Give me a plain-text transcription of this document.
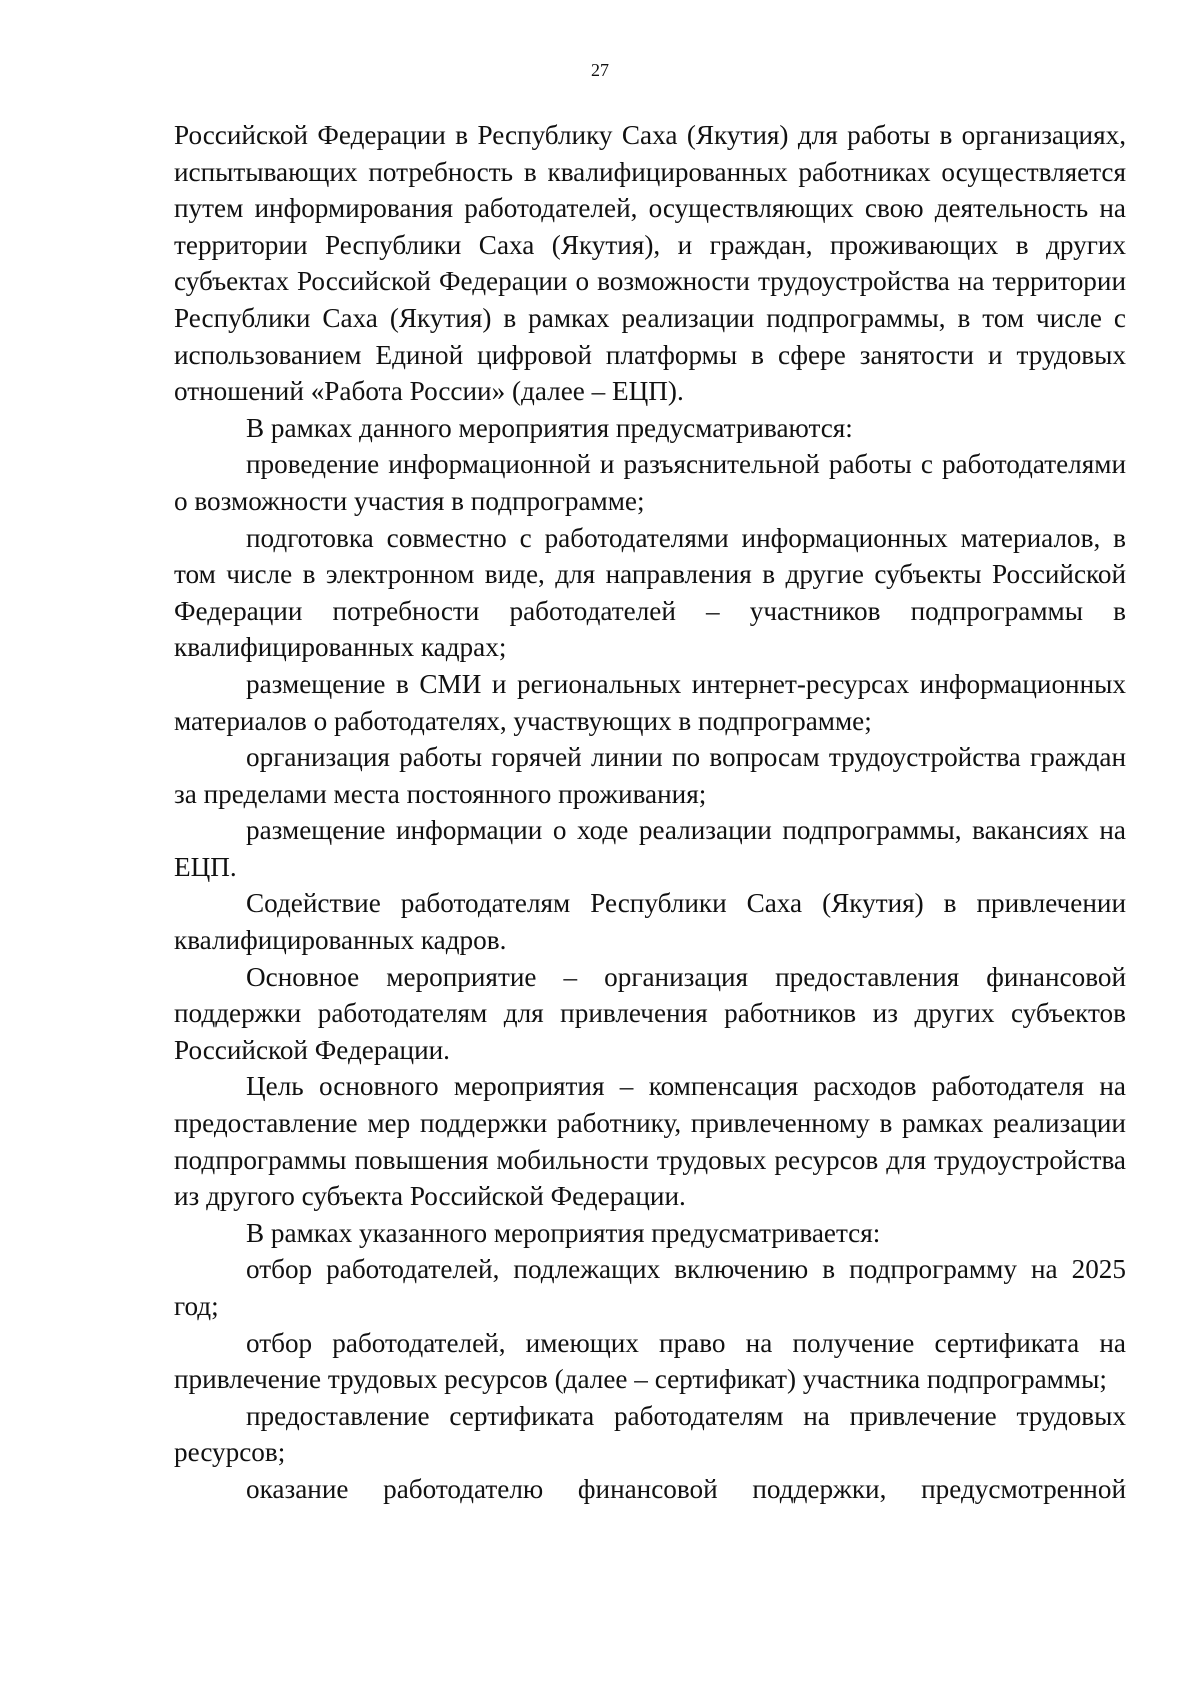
27

Российской Федерации в Республику Саха (Якутия) для работы в организациях, испытывающих потребность в квалифицированных работниках осуществляется путем информирования работодателей, осуществляющих свою деятельность на территории Республики Саха (Якутия), и граждан, проживающих в других субъектах Российской Федерации о возможности трудоустройства на территории Республики Саха (Якутия) в рамках реализации подпрограммы, в том числе с использованием Единой цифровой платформы в сфере занятости и трудовых отношений «Работа России» (далее – ЕЦП).

В рамках данного мероприятия предусматриваются:

проведение информационной и разъяснительной работы с работодателями о возможности участия в подпрограмме;

подготовка совместно с работодателями информационных материалов, в том числе в электронном виде, для направления в другие субъекты Российской Федерации потребности работодателей – участников подпрограммы в квалифицированных кадрах;

размещение в СМИ и региональных интернет-ресурсах информационных материалов о работодателях, участвующих в подпрограмме;

организация работы горячей линии по вопросам трудоустройства граждан за пределами места постоянного проживания;

размещение информации о ходе реализации подпрограммы, вакансиях на ЕЦП.

Содействие работодателям Республики Саха (Якутия) в привлечении квалифицированных кадров.

Основное мероприятие – организация предоставления финансовой поддержки работодателям для привлечения работников из других субъектов Российской Федерации.

Цель основного мероприятия – компенсация расходов работодателя на предоставление мер поддержки работнику, привлеченному в рамках реализации подпрограммы повышения мобильности трудовых ресурсов для трудоустройства из другого субъекта Российской Федерации.

В рамках указанного мероприятия предусматривается:

отбор работодателей, подлежащих включению в подпрограмму на 2025 год;

отбор работодателей, имеющих право на получение сертификата на привлечение трудовых ресурсов (далее – сертификат) участника подпрограммы;

предоставление сертификата работодателям на привлечение трудовых ресурсов;

оказание работодателю финансовой поддержки, предусмотренной
